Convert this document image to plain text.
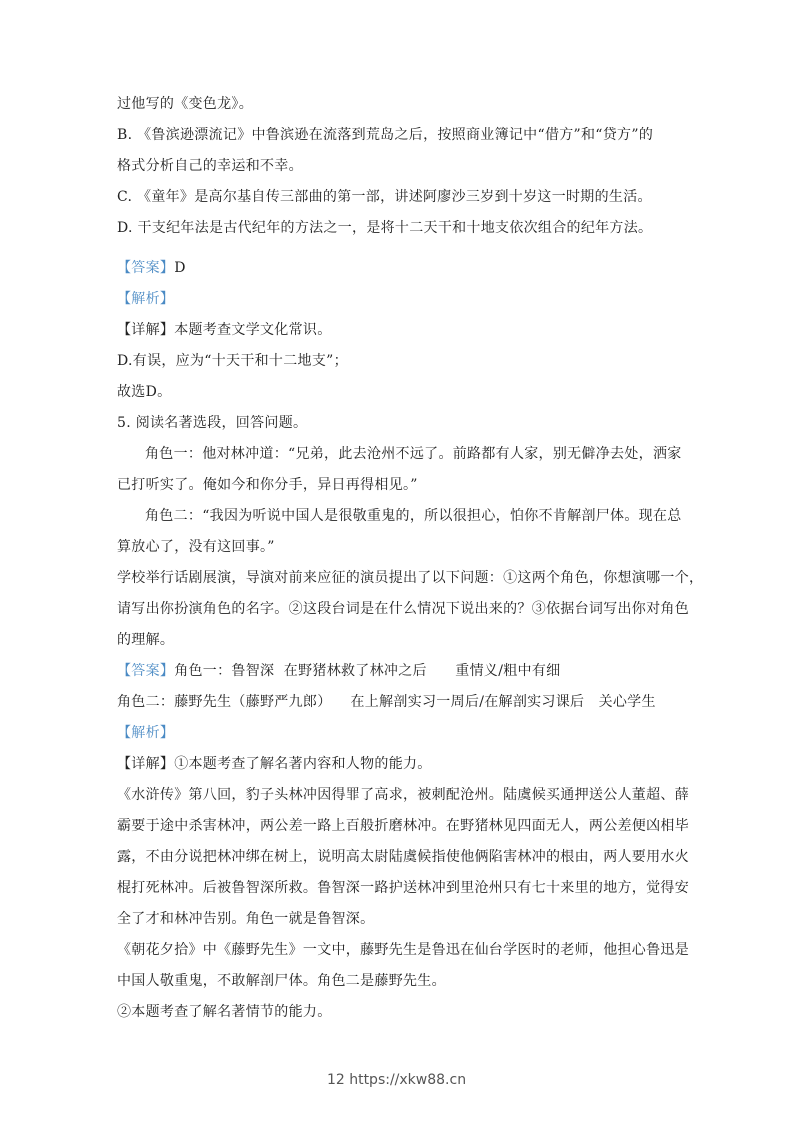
过他写的《变色龙》。
B. 《鲁滨逊漂流记》中鲁滨逊在流落到荒岛之后，按照商业簿记中“借方”和“贷方”的
格式分析自己的幸运和不幸。
C. 《童年》是高尔基自传三部曲的第一部，讲述阿廖沙三岁到十岁这一时期的生活。
D. 干支纪年法是古代纪年的方法之一，是将十二天干和十地支依次组合的纪年方法。
【答案】D
【解析】
【详解】本题考查文学文化常识。
D.有误，应为“十天干和十二地支”；
故选D。
5. 阅读名著选段，回答问题。
角色一：他对林冲道：“兄弟，此去沧州不远了。前路都有人家，别无僻净去处，洒家
已打听实了。俺如今和你分手，异日再得相见。”
角色二：“我因为听说中国人是很敬重鬼的，所以很担心，怕你不肯解剖尸体。现在总
算放心了，没有这回事。”
学校举行话剧展演，导演对前来应征的演员提出了以下问题：①这两个角色，你想演哪一个，
请写出你扮演角色的名字。②这段台词是在什么情况下说出来的？③依据台词写出你对角色
的理解。
【答案】角色一：鲁智深  在野猪林救了林冲之后      重情义/粗中有细
角色二：藤野先生（藤野严九郎）    在上解剖实习一周后/在解剖实习课后   关心学生
【解析】
【详解】①本题考查了解名著内容和人物的能力。
《水浒传》第八回，豹子头林冲因得罪了高求，被刺配沧州。陆虞候买通押送公人董超、薛
霸要于途中杀害林冲，两公差一路上百般折磨林冲。在野猪林见四面无人，两公差便凶相毕
露，不由分说把林冲绑在树上，说明高太尉陆虞候指使他俩陷害林冲的根由，两人要用水火
棍打死林冲。后被鲁智深所救。鲁智深一路护送林冲到里沧州只有七十来里的地方，觉得安
全了才和林冲告别。角色一就是鲁智深。
《朝花夕拾》中《藤野先生》一文中，藤野先生是鲁迅在仙台学医时的老师，他担心鲁迅是
中国人敬重鬼，不敢解剖尸体。角色二是藤野先生。
②本题考查了解名著情节的能力。
12 https://xkw88.cn
